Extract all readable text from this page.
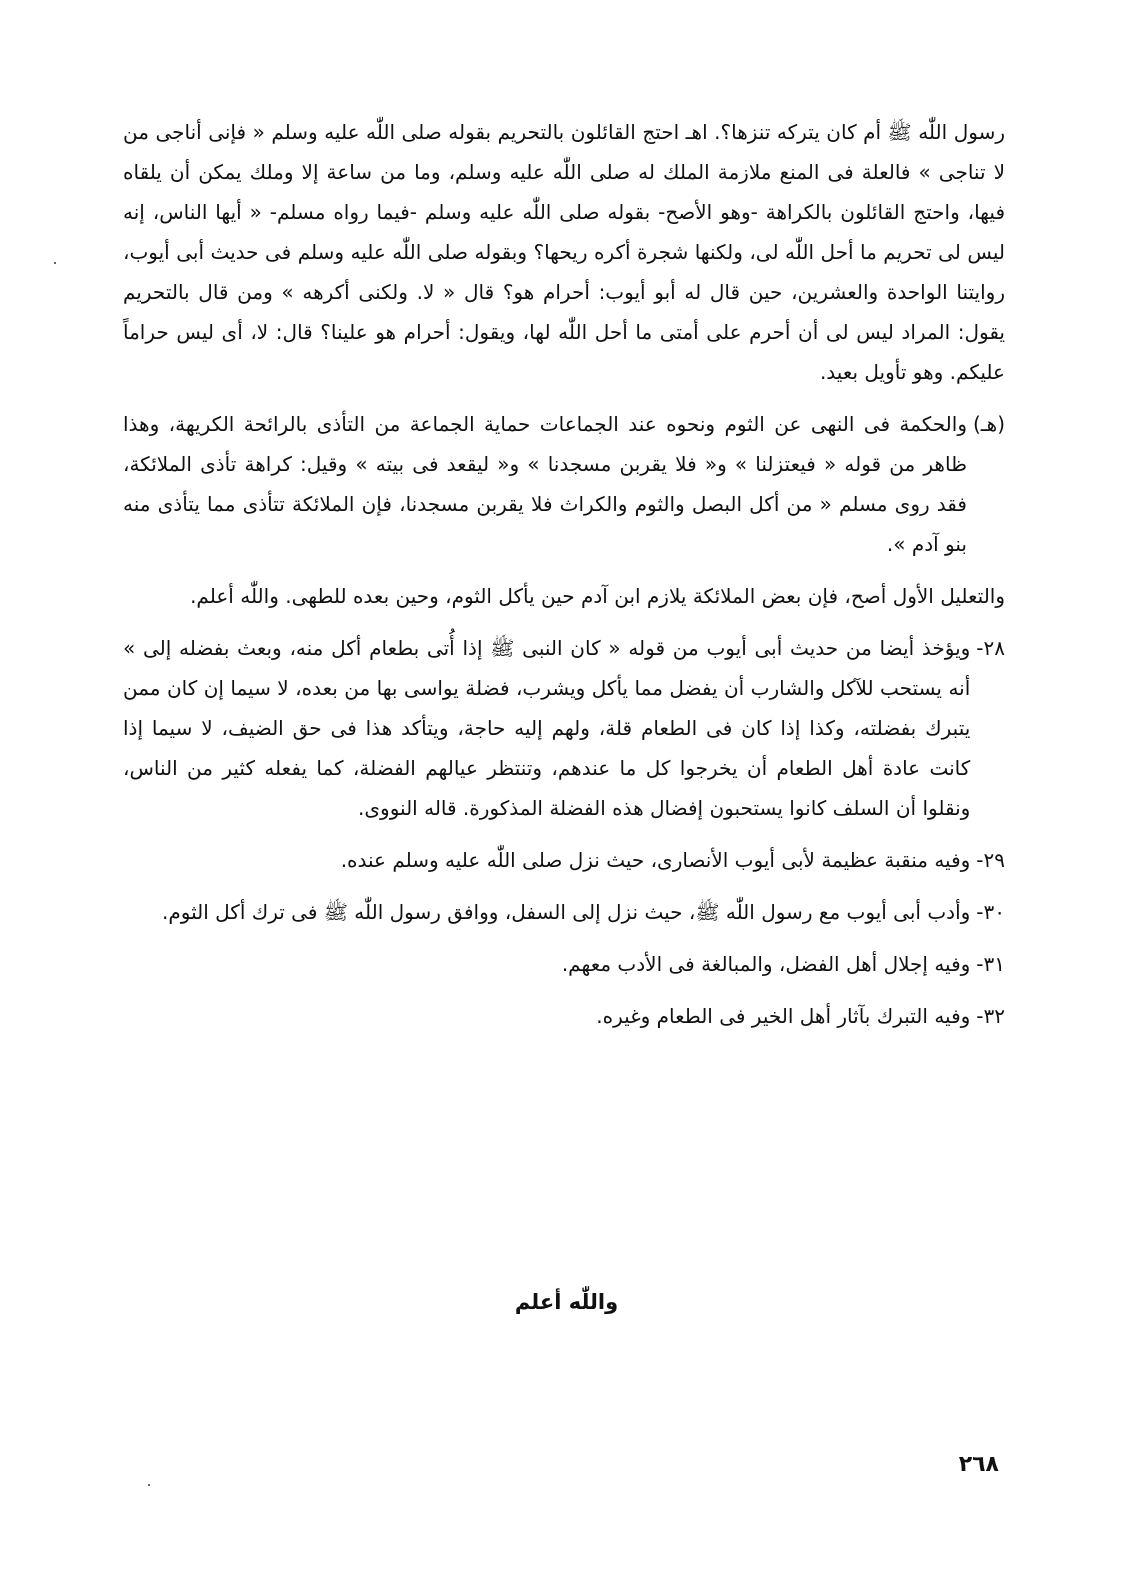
رسول اللّٰه ﷺ أم كان يتركه تنزها؟. اهـ احتج القائلون بالتحريم بقوله صلى اللّٰه عليه وسلم « فإنى أناجى من لا تناجى » فالعلة فى المنع ملازمة الملك له صلى اللّٰه عليه وسلم، وما من ساعة إلا وملك يمكن أن يلقاه فيها، واحتج القائلون بالكراهة -وهو الأصح- بقوله صلى اللّٰه عليه وسلم -فيما رواه مسلم- « أيها الناس، إنه ليس لى تحريم ما أحل اللّٰه لى، ولكنها شجرة أكره ريحها؟ وبقوله صلى اللّٰه عليه وسلم فى حديث أبى أيوب، روايتنا الواحدة والعشرين، حين قال له أبو أيوب: أحرام هو؟ قال « لا. ولكنى أكرهه » ومن قال بالتحريم يقول: المراد ليس لى أن أحرم على أمتى ما أحل اللّٰه لها، ويقول: أحرام هو علينا؟ قال: لا، أى ليس حراماً عليكم. وهو تأويل بعيد.

(هـ)
والحكمة فى النهى عن الثوم ونحوه عند الجماعات حماية الجماعة من التأذى بالرائحة الكريهة، وهذا ظاهر من قوله « فيعتزلنا » و« فلا يقربن مسجدنا » و« ليقعد فى بيته » وقيل: كراهة تأذى الملائكة، فقد روى مسلم « من أكل البصل والثوم والكراث فلا يقربن مسجدنا، فإن الملائكة تتأذى مما يتأذى منه بنو آدم ».

والتعليل الأول أصح، فإن بعض الملائكة يلازم ابن آدم حين يأكل الثوم، وحين بعده للطهى. واللّٰه أعلم.

٢٨-
ويؤخذ أيضا من حديث أبى أيوب من قوله « كان النبى ﷺ إذا أُتى بطعام أكل منه، وبعث بفضله إلى » أنه يستحب للآكل والشارب أن يفضل مما يأكل ويشرب، فضلة يواسى بها من بعده، لا سيما إن كان ممن يتبرك بفضلته، وكذا إذا كان فى الطعام قلة، ولهم إليه حاجة، ويتأكد هذا فى حق الضيف، لا سيما إذا كانت عادة أهل الطعام أن يخرجوا كل ما عندهم، وتنتظر عيالهم الفضلة، كما يفعله كثير من الناس، ونقلوا أن السلف كانوا يستحبون إفضال هذه الفضلة المذكورة. قاله النووى.
٢٩-
وفيه منقبة عظيمة لأبى أيوب الأنصارى، حيث نزل صلى اللّٰه عليه وسلم عنده.
٣٠-
وأدب أبى أيوب مع رسول اللّٰه ﷺ، حيث نزل إلى السفل، ووافق رسول اللّٰه ﷺ فى ترك أكل الثوم.
٣١-
وفيه إجلال أهل الفضل، والمبالغة فى الأدب معهم.
٣٢-
وفيه التبرك بآثار أهل الخير فى الطعام وغيره.
واللّٰه أعلم
٢٦٨
